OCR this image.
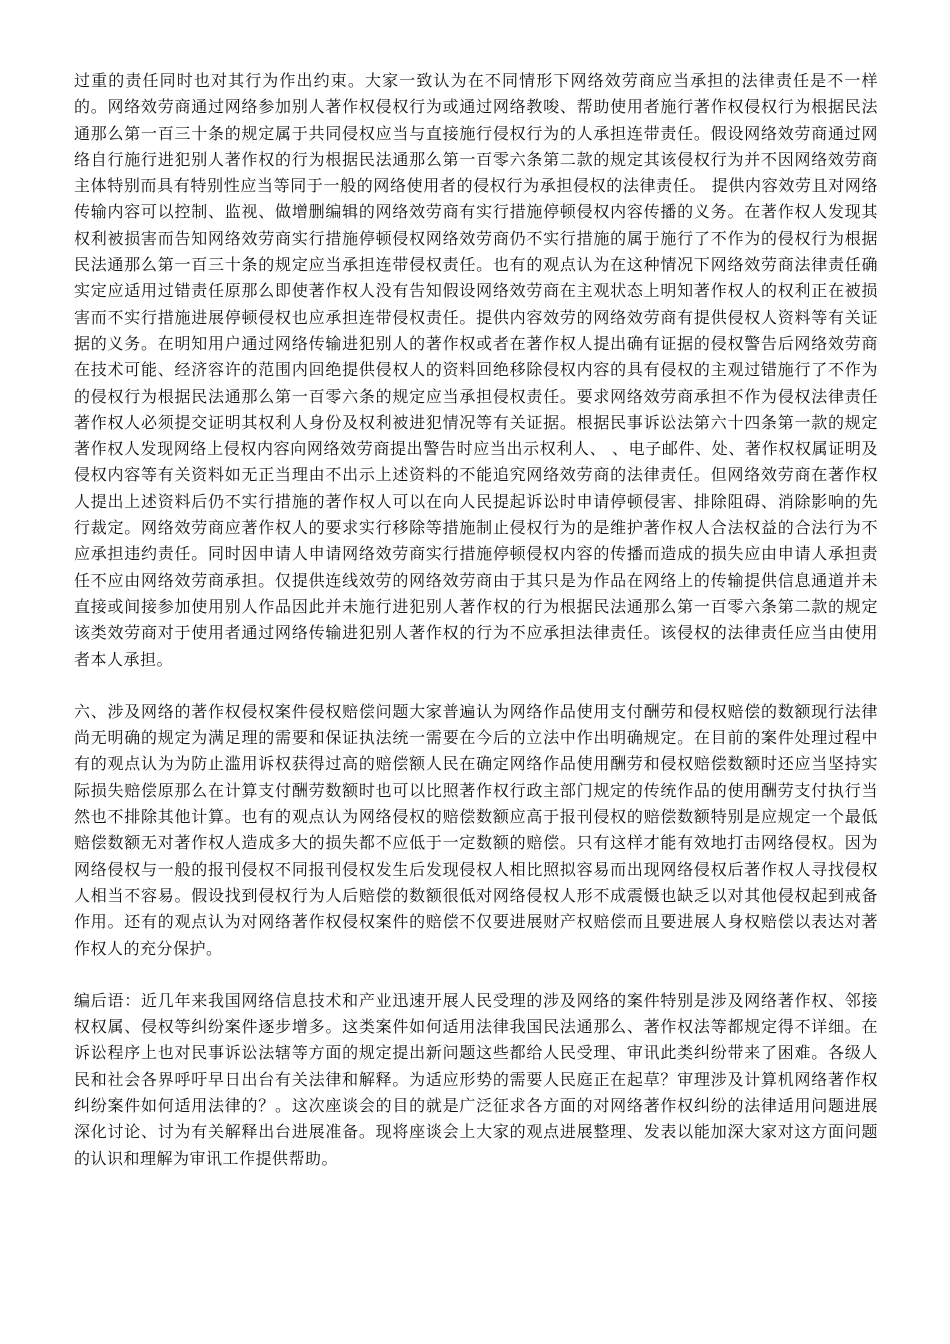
过重的责任同时也对其行为作出约束。大家一致认为在不同情形下网络效劳商应当承担的法律责任是不一样的。网络效劳商通过网络参加别人著作权侵权行为或通过网络教唆、帮助使用者施行著作权侵权行为根据民法通那么第一百三十条的规定属于共同侵权应当与直接施行侵权行为的人承担连带责任。假设网络效劳商通过网络自行施行进犯别人著作权的行为根据民法通那么第一百零六条第二款的规定其该侵权行为并不因网络效劳商主体特别而具有特别性应当等同于一般的网络使用者的侵权行为承担侵权的法律责任。 提供内容效劳且对网络传输内容可以控制、监视、做增删编辑的网络效劳商有实行措施停顿侵权内容传播的义务。在著作权人发现其权利被损害而告知网络效劳商实行措施停顿侵权网络效劳商仍不实行措施的属于施行了不作为的侵权行为根据民法通那么第一百三十条的规定应当承担连带侵权责任。也有的观点认为在这种情况下网络效劳商法律责任确实定应适用过错责任原那么即使著作权人没有告知假设网络效劳商在主观状态上明知著作权人的权利正在被损害而不实行措施进展停顿侵权也应承担连带侵权责任。提供内容效劳的网络效劳商有提供侵权人资料等有关证据的义务。在明知用户通过网络传输进犯别人的著作权或者在著作权人提出确有证据的侵权警告后网络效劳商在技术可能、经济容许的范围内回绝提供侵权人的资料回绝移除侵权内容的具有侵权的主观过错施行了不作为的侵权行为根据民法通那么第一百零六条的规定应当承担侵权责任。要求网络效劳商承担不作为侵权法律责任著作权人必须提交证明其权利人身份及权利被进犯情况等有关证据。根据民事诉讼法第六十四条第一款的规定著作权人发现网络上侵权内容向网络效劳商提出警告时应当出示权利人、 、电子邮件、处、著作权权属证明及侵权内容等有关资料如无正当理由不出示上述资料的不能追究网络效劳商的法律责任。但网络效劳商在著作权人提出上述资料后仍不实行措施的著作权人可以在向人民提起诉讼时申请停顿侵害、排除阻碍、消除影响的先行裁定。网络效劳商应著作权人的要求实行移除等措施制止侵权行为的是维护著作权人合法权益的合法行为不应承担违约责任。同时因申请人申请网络效劳商实行措施停顿侵权内容的传播而造成的损失应由申请人承担责任不应由网络效劳商承担。仅提供连线效劳的网络效劳商由于其只是为作品在网络上的传输提供信息通道并未直接或间接参加使用别人作品因此并未施行进犯别人著作权的行为根据民法通那么第一百零六条第二款的规定该类效劳商对于使用者通过网络传输进犯别人著作权的行为不应承担法律责任。该侵权的法律责任应当由使用者本人承担。

六、涉及网络的著作权侵权案件侵权赔偿问题大家普遍认为网络作品使用支付酬劳和侵权赔偿的数额现行法律尚无明确的规定为满足理的需要和保证执法统一需要在今后的立法中作出明确规定。在目前的案件处理过程中有的观点认为为防止滥用诉权获得过高的赔偿额人民在确定网络作品使用酬劳和侵权赔偿数额时还应当坚持实际损失赔偿原那么在计算支付酬劳数额时也可以比照著作权行政主部门规定的传统作品的使用酬劳支付执行当然也不排除其他计算。也有的观点认为网络侵权的赔偿数额应高于报刊侵权的赔偿数额特别是应规定一个最低赔偿数额无对著作权人造成多大的损失都不应低于一定数额的赔偿。只有这样才能有效地打击网络侵权。因为网络侵权与一般的报刊侵权不同报刊侵权发生后发现侵权人相比照拟容易而出现网络侵权后著作权人寻找侵权人相当不容易。假设找到侵权行为人后赔偿的数额很低对网络侵权人形不成震慑也缺乏以对其他侵权起到戒备作用。还有的观点认为对网络著作权侵权案件的赔偿不仅要进展财产权赔偿而且要进展人身权赔偿以表达对著作权人的充分保护。

编后语：近几年来我国网络信息技术和产业迅速开展人民受理的涉及网络的案件特别是涉及网络著作权、邻接权权属、侵权等纠纷案件逐步增多。这类案件如何适用法律我国民法通那么、著作权法等都规定得不详细。在诉讼程序上也对民事诉讼法辖等方面的规定提出新问题这些都给人民受理、审讯此类纠纷带来了困难。各级人民和社会各界呼吁早日出台有关法律和解释。为适应形势的需要人民庭正在起草？审理涉及计算机网络著作权纠纷案件如何适用法律的？。这次座谈会的目的就是广泛征求各方面的对网络著作权纠纷的法律适用问题进展深化讨论、讨为有关解释出台进展准备。现将座谈会上大家的观点进展整理、发表以能加深大家对这方面问题的认识和理解为审讯工作提供帮助。
